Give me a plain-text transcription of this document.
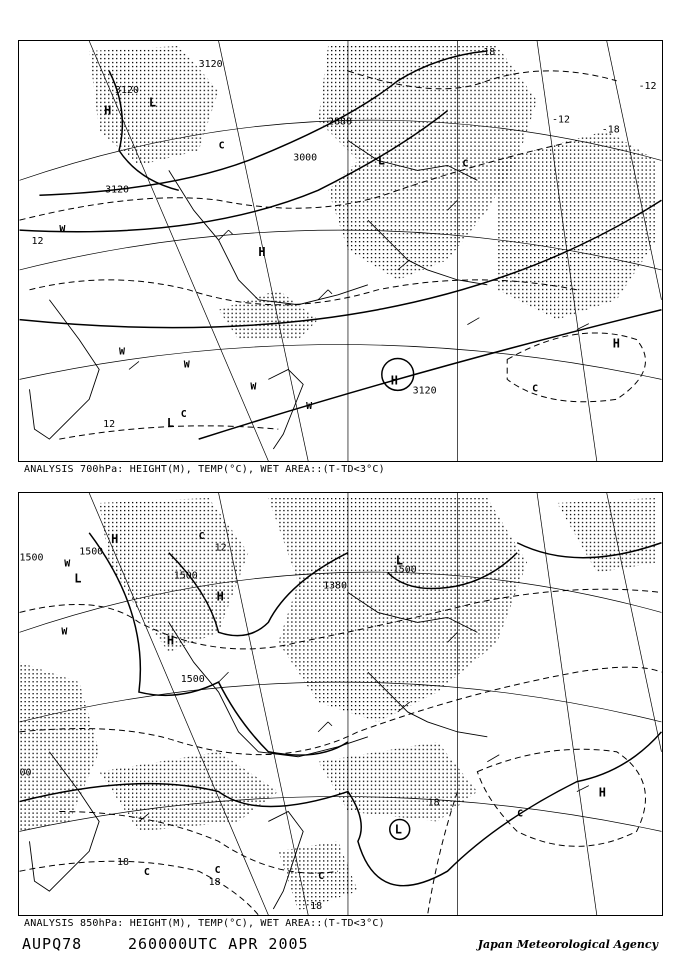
3120
3120
3120
3120
3000
2880
-12
-12
-18
-18
12
12
H
H
H
H
L
L
L
W
W
W
W
W
C
C
C
C
ANALYSIS 700hPa: HEIGHT(M), TEMP(°C), WET AREA::(T-TD<3°C)
1500
1500
1500
1500
1500
1380
12
18
18
18
18
00
H
H
H
H
L
L
L
W
W
C	C
C
C
C
ANALYSIS 850hPa: HEIGHT(M), TEMP(°C), WET AREA::(T-TD<3°C)
AUPQ78	260000UTC APR 2005	Japan Meteorological Agency
